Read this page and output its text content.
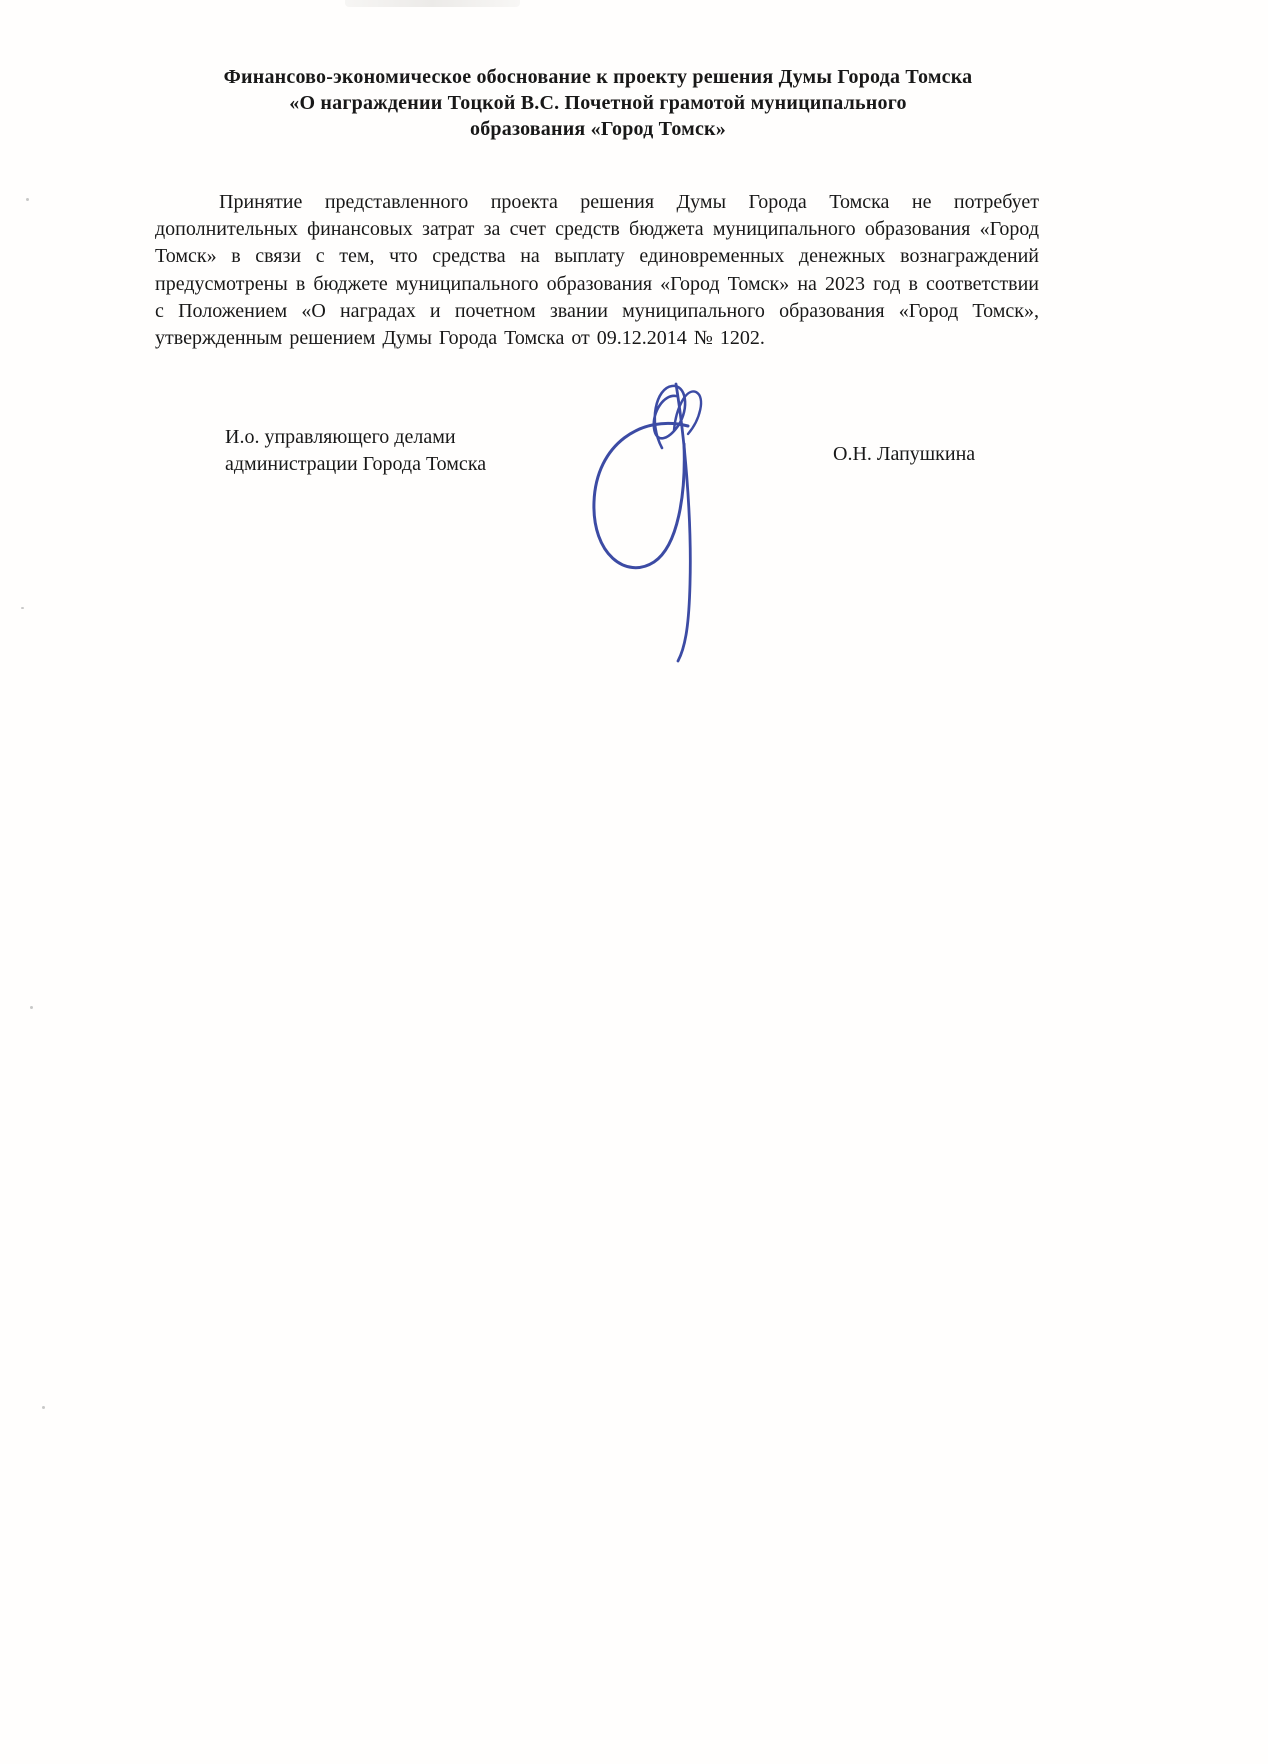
Финансово-экономическое обоснование к проекту решения Думы Города Томска
«О награждении Тоцкой В.С. Почетной грамотой муниципального
образования «Город Томск»

Принятие представленного проекта решения Думы Города Томска не потребует дополнительных финансовых затрат за счет средств бюджета муниципального образования «Город Томск» в связи с тем, что средства на выплату единовременных денежных вознаграждений предусмотрены в бюджете муниципального образования «Город Томск» на 2023 год в соответствии с Положением «О наградах и почетном звании муниципального образования «Город Томск», утвержденным решением Думы Города Томска от 09.12.2014 № 1202.

И.о. управляющего делами
администрации Города Томска	О.Н. Лапушкина
